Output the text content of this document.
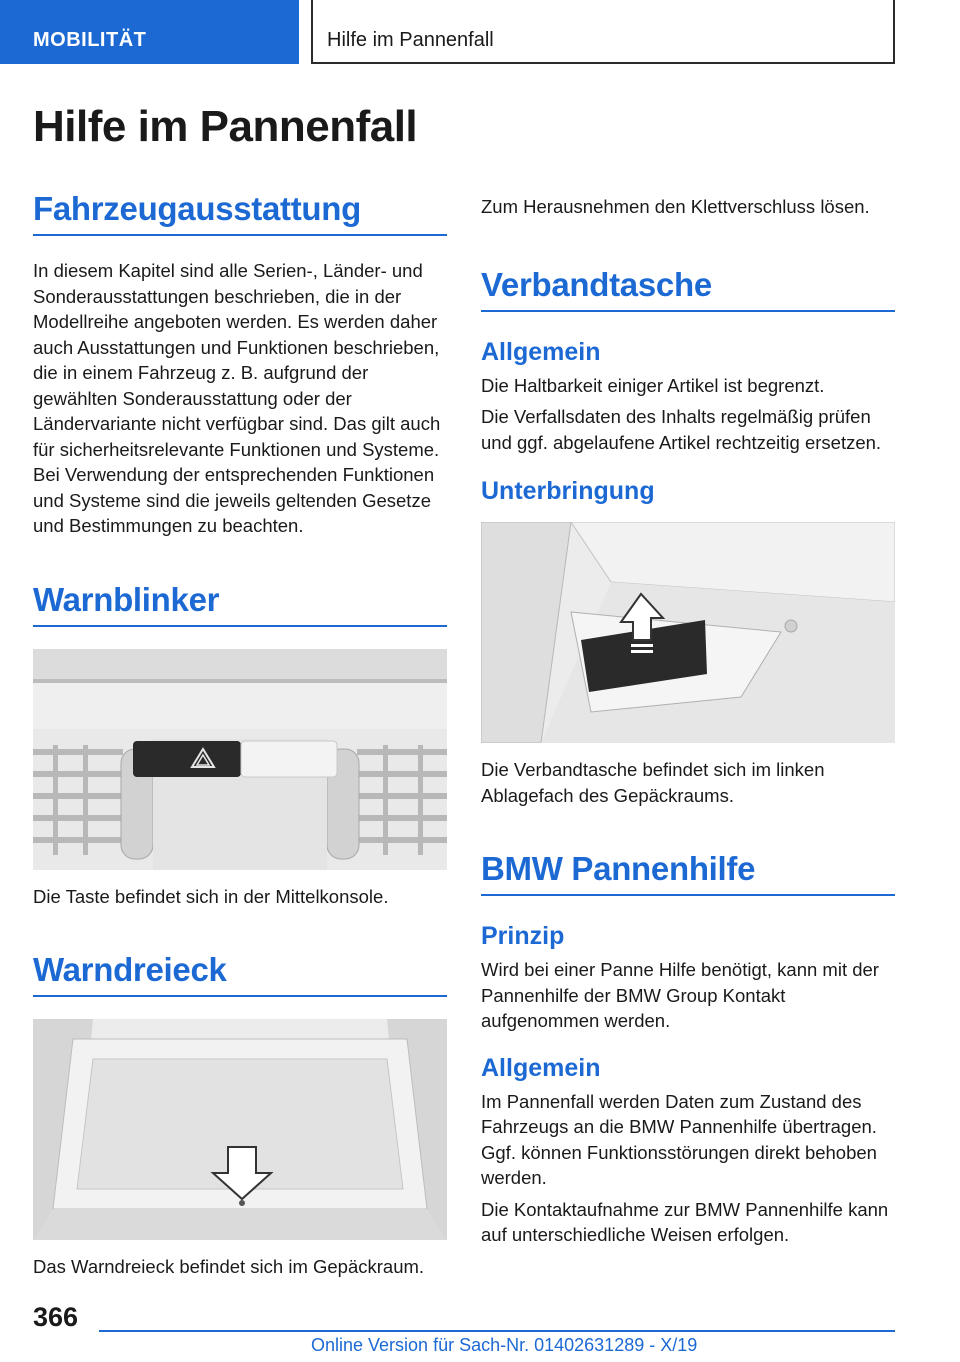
MOBILITÄT	Hilfe im Pannenfall
Hilfe im Pannenfall
Fahrzeugausstattung

In diesem Kapitel sind alle Serien-, Länder- und Sonderausstattungen beschrieben, die in der Modellreihe angeboten werden. Es werden daher auch Ausstattungen und Funktionen beschrieben, die in einem Fahrzeug z. B. aufgrund der gewählten Sonderausstattung oder der Ländervariante nicht verfügbar sind. Das gilt auch für sicherheitsrelevante Funktionen und Systeme. Bei Verwendung der entsprechenden Funktionen und Systeme sind die jeweils geltenden Gesetze und Bestimmungen zu beachten.

Warnblinker

Die Taste befindet sich in der Mittelkonsole.

Warndreieck

Das Warndreieck befindet sich im Gepäckraum.

Zum Herausnehmen den Klettverschluss lösen.

Verbandtasche
Allgemein

Die Haltbarkeit einiger Artikel ist begrenzt.

Die Verfallsdaten des Inhalts regelmäßig prüfen und ggf. abgelaufene Artikel rechtzeitig ersetzen.

Unterbringung

Die Verbandtasche befindet sich im linken Ablagefach des Gepäckraums.

BMW Pannenhilfe
Prinzip

Wird bei einer Panne Hilfe benötigt, kann mit der Pannenhilfe der BMW Group Kontakt aufgenommen werden.

Allgemein

Im Pannenfall werden Daten zum Zustand des Fahrzeugs an die BMW Pannenhilfe übertragen. Ggf. können Funktionsstörungen direkt behoben werden.

Die Kontaktaufnahme zur BMW Pannenhilfe kann auf unterschiedliche Weisen erfolgen.

366
Online Version für Sach-Nr. 01402631289 - X/19
